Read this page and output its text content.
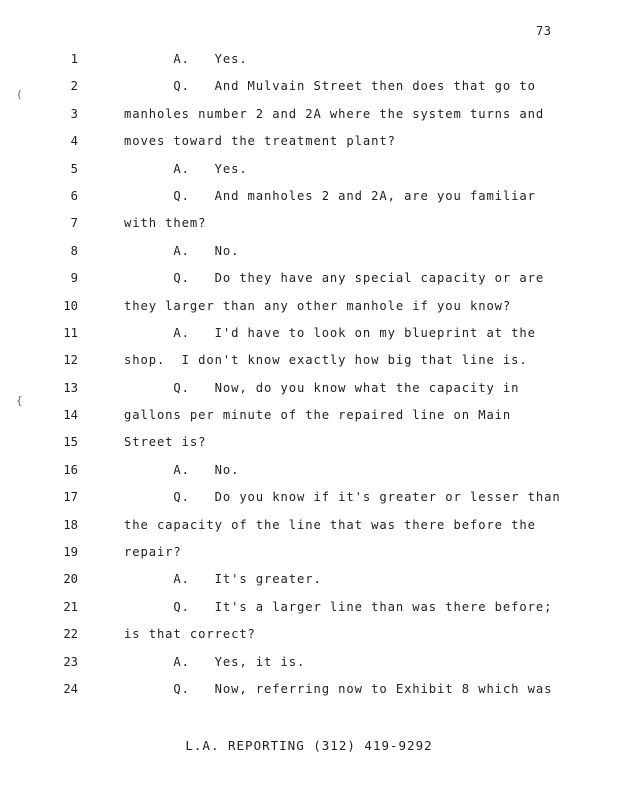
73
(
{
1	A.   Yes.
2	Q.   And Mulvain Street then does that go to
3	manholes number 2 and 2A where the system turns and
4	moves toward the treatment plant?
5	A.   Yes.
6	Q.   And manholes 2 and 2A, are you familiar
7	with them?
8	A.   No.
9	Q.   Do they have any special capacity or are
10	they larger than any other manhole if you know?
11	A.   I'd have to look on my blueprint at the
12	shop.  I don't know exactly how big that line is.
13	Q.   Now, do you know what the capacity in
14	gallons per minute of the repaired line on Main
15	Street is?
16	A.   No.
17	Q.   Do you know if it's greater or lesser than
18	the capacity of the line that was there before the
19	repair?
20	A.   It's greater.
21	Q.   It's a larger line than was there before;
22	is that correct?
23	A.   Yes, it is.
24	Q.   Now, referring now to Exhibit 8 which was
L.A. REPORTING (312) 419-9292
